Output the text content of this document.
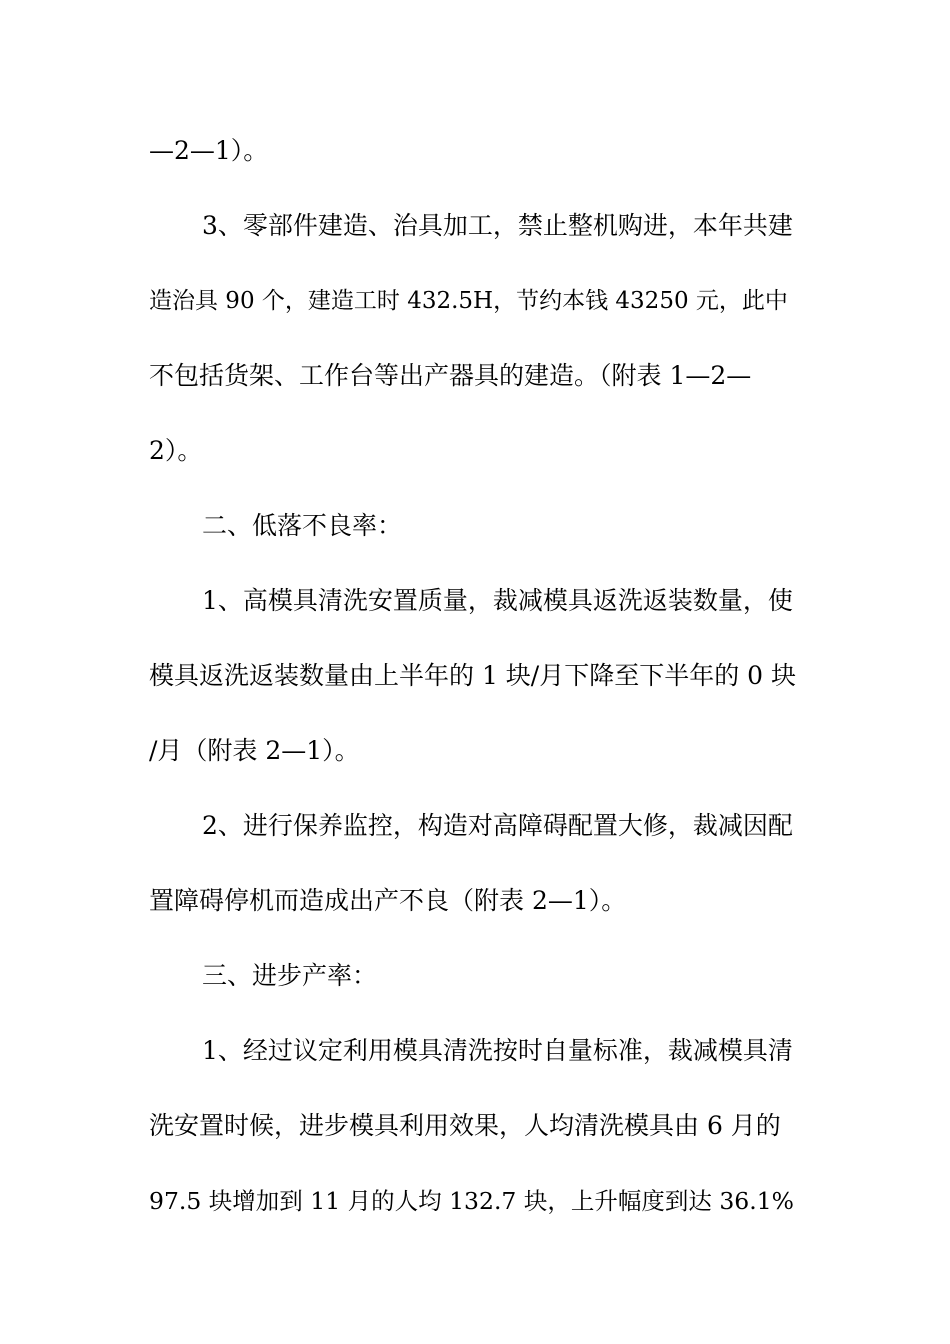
—2—1）。
3、零部件建造、治具加工，禁止整机购进，本年共建
造治具 90 个，建造工时 432.5H，节约本钱 43250 元，此中
不包括货架、工作台等出产器具的建造。（附表 1—2—
2）。
二、低落不良率：
1、高模具清洗安置质量，裁减模具返洗返装数量，使
模具返洗返装数量由上半年的 1 块/月下降至下半年的 0 块
/月（附表 2—1）。
2、进行保养监控，构造对高障碍配置大修，裁减因配
置障碍停机而造成出产不良（附表 2—1）。
三、进步产率：
1、经过议定利用模具清洗按时自量标准，裁减模具清
洗安置时候，进步模具利用效果，人均清洗模具由 6 月的
97.5 块增加到 11 月的人均 132.7 块，上升幅度到达 36.1%
